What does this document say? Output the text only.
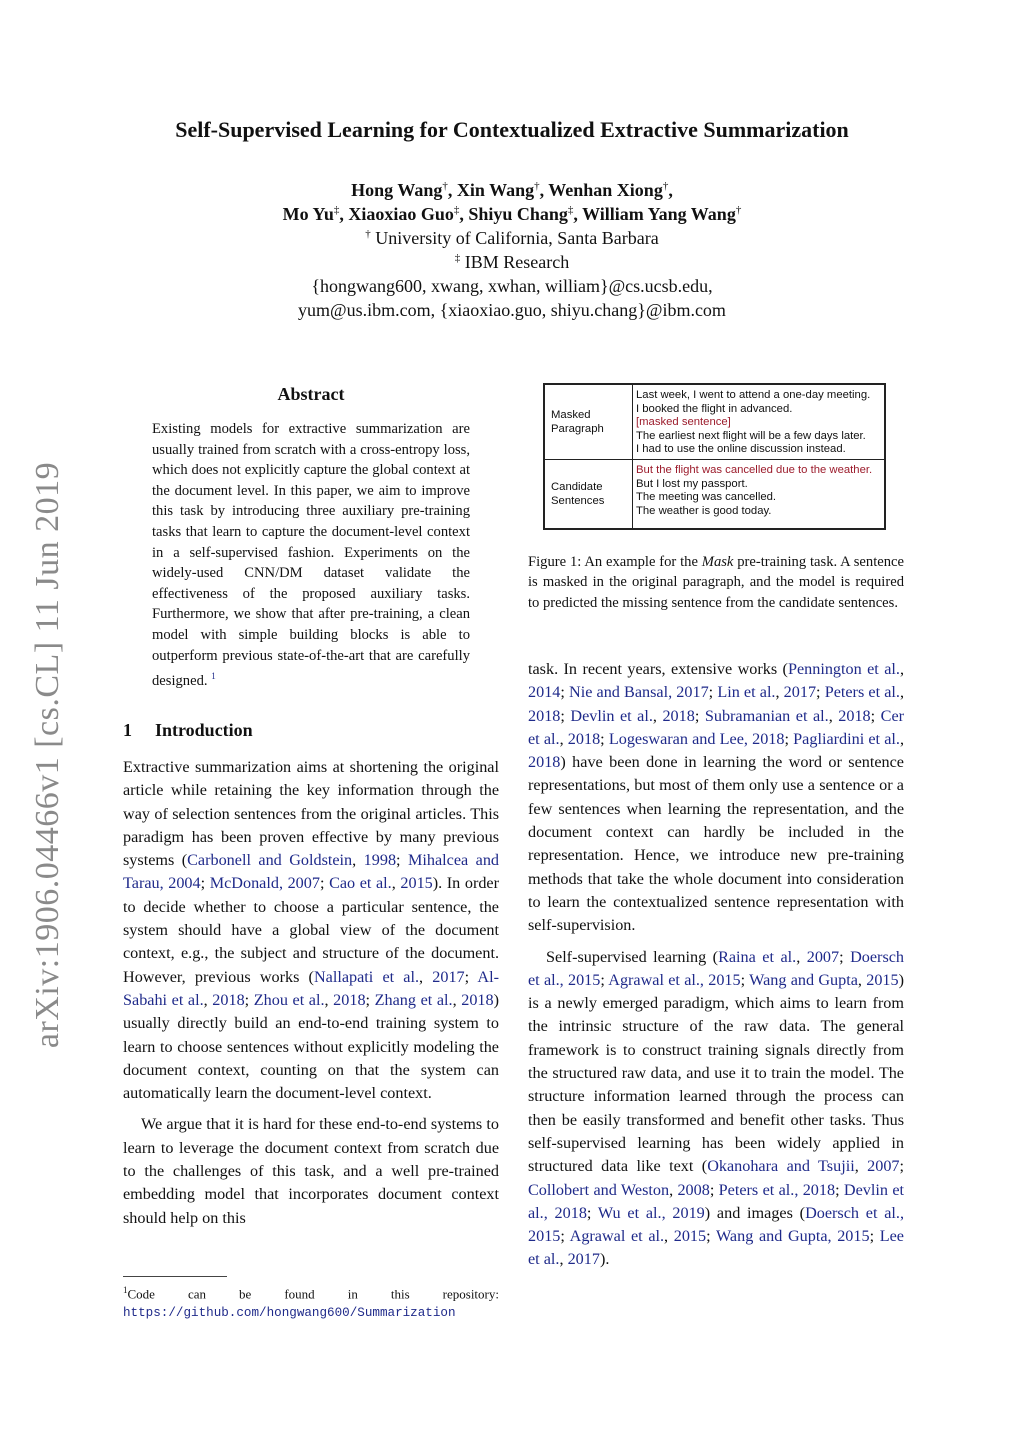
arXiv:1906.04466v1 [cs.CL] 11 Jun 2019
Self-Supervised Learning for Contextualized Extractive Summarization
Hong Wang†, Xin Wang†, Wenhan Xiong†,
Mo Yu‡, Xiaoxiao Guo‡, Shiyu Chang‡, William Yang Wang†
† University of California, Santa Barbara
‡ IBM Research
{hongwang600, xwang, xwhan, william}@cs.ucsb.edu,
yum@us.ibm.com, {xiaoxiao.guo, shiyu.chang}@ibm.com
Abstract
Existing models for extractive summarization are usually trained from scratch with a cross-entropy loss, which does not explicitly capture the global context at the document level. In this paper, we aim to improve this task by introducing three auxiliary pre-training tasks that learn to capture the document-level context in a self-supervised fashion. Experiments on the widely-used CNN/DM dataset validate the effectiveness of the proposed auxiliary tasks. Furthermore, we show that after pre-training, a clean model with simple building blocks is able to outperform previous state-of-the-art that are carefully designed. $^1$
1 Introduction

Extractive summarization aims at shortening the original article while retaining the key information through the way of selection sentences from the original articles. This paradigm has been proven effective by many previous systems (Carbonell and Goldstein, 1998; Mihalcea and Tarau, 2004; McDonald, 2007; Cao et al., 2015). In order to decide whether to choose a particular sentence, the system should have a global view of the document context, e.g., the subject and structure of the document. However, previous works (Nallapati et al., 2017; Al-Sabahi et al., 2018; Zhou et al., 2018; Zhang et al., 2018) usually directly build an end-to-end training system to learn to choose sentences without explicitly modeling the document context, counting on that the system can automatically learn the document-level context.

We argue that it is hard for these end-to-end systems to learn to leverage the document context from scratch due to the challenges of this task, and a well pre-trained embedding model that incorporates document context should help on this

$^1$Code can be found in this repository: https://github.com/hongwang600/Summarization
Masked Paragraph
Last week, I went to attend a one-day meeting.
I booked the flight in advanced.
[masked sentence]
The earliest next flight will be a few days later.
I had to use the online discussion instead.
Candidate Sentences
But the flight was cancelled due to the weather.
But I lost my passport.
The meeting was cancelled.
The weather is good today.
Figure 1: An example for the Mask pre-training task. A sentence is masked in the original paragraph, and the model is required to predicted the missing sentence from the candidate sentences.

task. In recent years, extensive works (Pennington et al., 2014; Nie and Bansal, 2017; Lin et al., 2017; Peters et al., 2018; Devlin et al., 2018; Subramanian et al., 2018; Cer et al., 2018; Logeswaran and Lee, 2018; Pagliardini et al., 2018) have been done in learning the word or sentence representations, but most of them only use a sentence or a few sentences when learning the representation, and the document context can hardly be included in the representation. Hence, we introduce new pre-training methods that take the whole document into consideration to learn the contextualized sentence representation with self-supervision.

Self-supervised learning (Raina et al., 2007; Doersch et al., 2015; Agrawal et al., 2015; Wang and Gupta, 2015) is a newly emerged paradigm, which aims to learn from the intrinsic structure of the raw data. The general framework is to construct training signals directly from the structured raw data, and use it to train the model. The structure information learned through the process can then be easily transformed and benefit other tasks. Thus self-supervised learning has been widely applied in structured data like text (Okanohara and Tsujii, 2007; Collobert and Weston, 2008; Peters et al., 2018; Devlin et al., 2018; Wu et al., 2019) and images (Doersch et al., 2015; Agrawal et al., 2015; Wang and Gupta, 2015; Lee et al., 2017).
